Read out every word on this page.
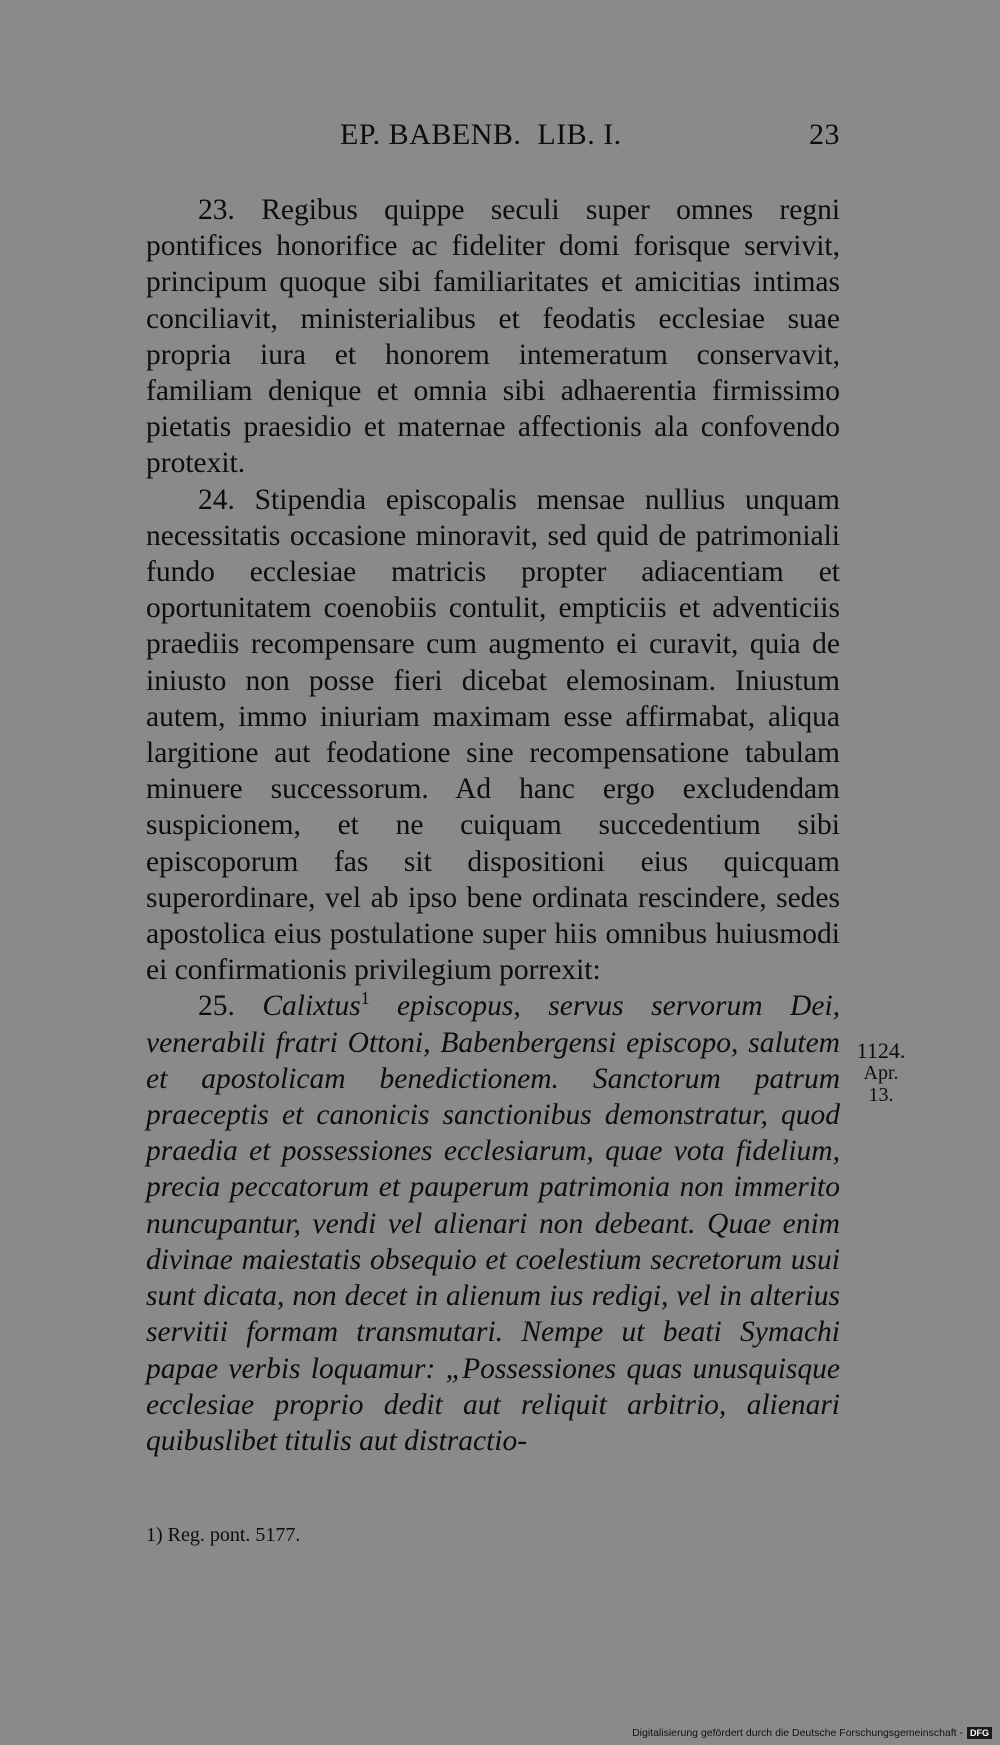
EP. BABENB.  LIB. I.	23

23. Regibus quippe seculi super omnes regni pontifices honorifice ac fideliter domi forisque servivit, principum quoque sibi familiaritates et amicitias intimas conciliavit, ministerialibus et feodatis ecclesiae suae propria iura et honorem intemeratum conservavit, familiam denique et omnia sibi adhaerentia firmissimo pietatis praesidio et maternae affectionis ala confovendo protexit.

24. Stipendia episcopalis mensae nullius unquam necessitatis occasione minoravit, sed quid de patrimoniali fundo ecclesiae matricis propter adiacentiam et oportunitatem coenobiis contulit, empticiis et adventiciis praediis recompensare cum augmento ei curavit, quia de iniusto non posse fieri dicebat elemosinam. Iniustum autem, immo iniuriam maximam esse affirmabat, aliqua largitione aut feodatione sine recompensatione tabulam minuere successorum. Ad hanc ergo excludendam suspicionem, et ne cuiquam succedentium sibi episcoporum fas sit dispositioni eius quicquam superordinare, vel ab ipso bene ordinata rescindere, sedes apostolica eius postulatione super hiis omnibus huiusmodi ei confirmationis privilegium porrexit:

25. Calixtus$^1$ episcopus, servus servorum Dei, venerabili fratri Ottoni, Babenbergensi episcopo, salutem et apostolicam benedictionem. Sanctorum patrum praeceptis et canonicis sanctionibus demonstratur, quod praedia et possessiones ecclesiarum, quae vota fidelium, precia peccatorum et pauperum patrimonia non immerito nuncupantur, vendi vel alienari non debeant. Quae enim divinae maiestatis obsequio et coelestium secretorum usui sunt dicata, non decet in alienum ius redigi, vel in alterius servitii formam transmutari. Nempe ut beati Symachi papae verbis loquamur: „Possessiones quas unusquisque ecclesiae proprio dedit aut reliquit arbitrio, alienari quibuslibet titulis aut distractio-

1124.
Apr.
13.
1) Reg. pont. 5177.
Digitalisierung gefördert durch die Deutsche Forschungsgemeinschaft - DFG
